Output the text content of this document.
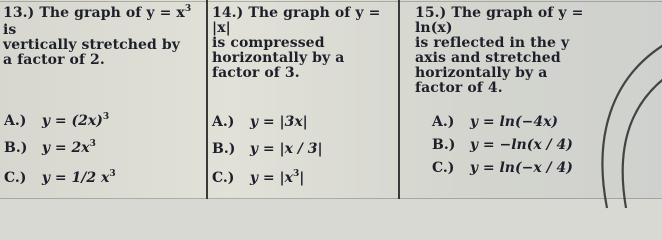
13.) The graph of $y = x^3$ is
vertically stretched by
a factor of 2.
A.) $y = (2x)^3$
B.) $y = 2x^3$
C.) y = 1/2 $x^3$
14.) The graph of y = |x|
is compressed
horizontally by a
factor of 3.
A.) y = |3x|
B.) y = |x / 3|
C.) $y = |x^3|$
15.) The graph of y = ln(x)
is reflected in the y
axis and stretched
horizontally by a
factor of 4.
A.) y = ln(−4x)
B.) y = −ln(x / 4)
C.) y = ln(−x / 4)
